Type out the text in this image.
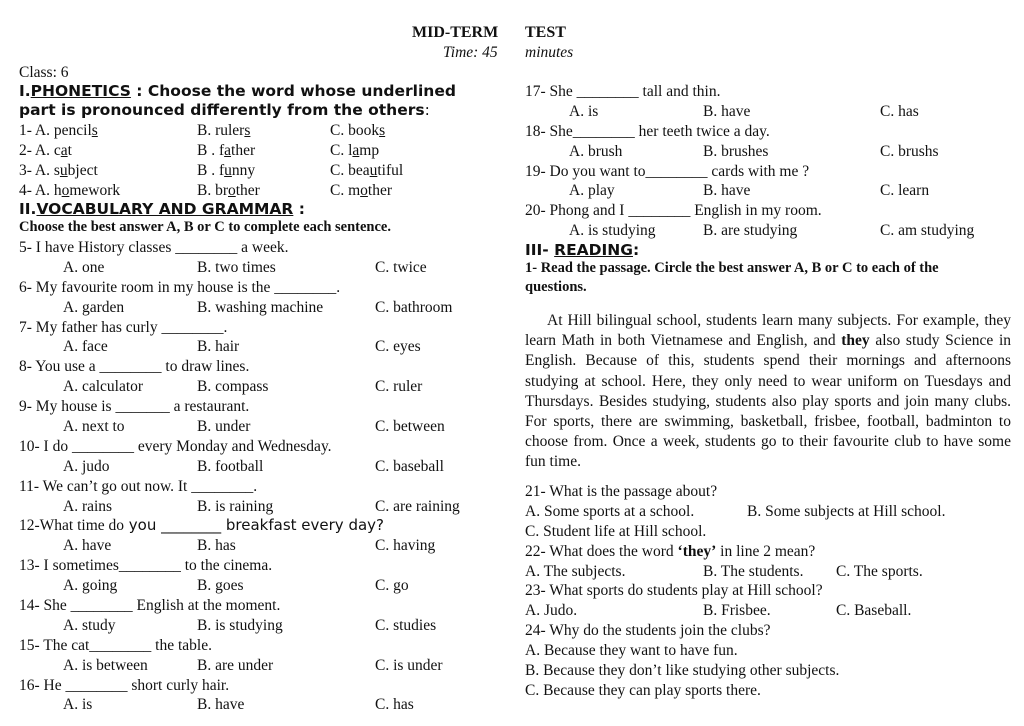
MID-TERM TEST
Time: 45 minutes
Class: 6
I.PHONETICS : Choose the word whose underlined
part is pronounced differently from the others:
1- A. pencils	B. rulers	C. books
2- A. cat	B . father	C. lamp
3- A. subject	B . funny	C. beautiful
4- A. homework	B. brother	C. mother
II.VOCABULARY AND GRAMMAR :
Choose the best answer A, B or C to complete each sentence.
5- I have History classes ________ a week.
A. one	B. two times	C. twice
6- My favourite room in my house is the ________.
A. garden	B. washing machine	C. bathroom
7- My father has curly ________.
A. face	B. hair	C. eyes
8- You use a ________ to draw lines.
A. calculator	B. compass	C. ruler
9- My house is _______ a restaurant.
A. next to	B. under	C. between
10- I do ________ every Monday and Wednesday.
A. judo	B. football	C. baseball
11- We can’t go out now. It ________.
A. rains	B. is raining	C. are raining
12-What time do you ________ breakfast every day?
A. have	B. has	C. having
13- I sometimes________ to the cinema.
A. going	B. goes	C. go
14- She ________ English at the moment.
A. study	B. is studying	C. studies
15- The cat________ the table.
A. is between	B. are under	C. is under
16- He ________ short curly hair.
A. is	B. have	C. has
17- She ________ tall and thin.
A. is	B. have	C. has
18- She________ her teeth twice a day.
A. brush	B. brushes	C. brushs
19- Do you want to________ cards with me ?
A. play	B. have	C. learn
20- Phong and I ________ English in my room.
A. is studying	B. are studying	C. am studying
III- READING:
1- Read the passage. Circle the best answer A, B or C to each of the
questions.
At Hill bilingual school, students learn many subjects. For example, they learn Math in both Vietnamese and English, and they also study Science in English. Because of this, students spend their mornings and afternoons studying at school. Here, they only need to wear uniform on Tuesdays and Thursdays. Besides studying, students also play sports and join many clubs. For sports, there are swimming, basketball, frisbee, football, badminton to choose from. Once a week, students go to their favourite club to have some fun time.
21- What is the passage about?
A. Some sports at a school.	B. Some subjects at Hill school.
C. Student life at Hill school.
22- What does the word ‘they’ in line 2 mean?
A. The subjects.	B. The students. C. The sports.
23- What sports do students play at Hill school?
A. Judo.	B. Frisbee.	C. Baseball.
24- Why do the students join the clubs?
A. Because they want to have fun.
B. Because they don’t like studying other subjects.
C. Because they can play sports there.
